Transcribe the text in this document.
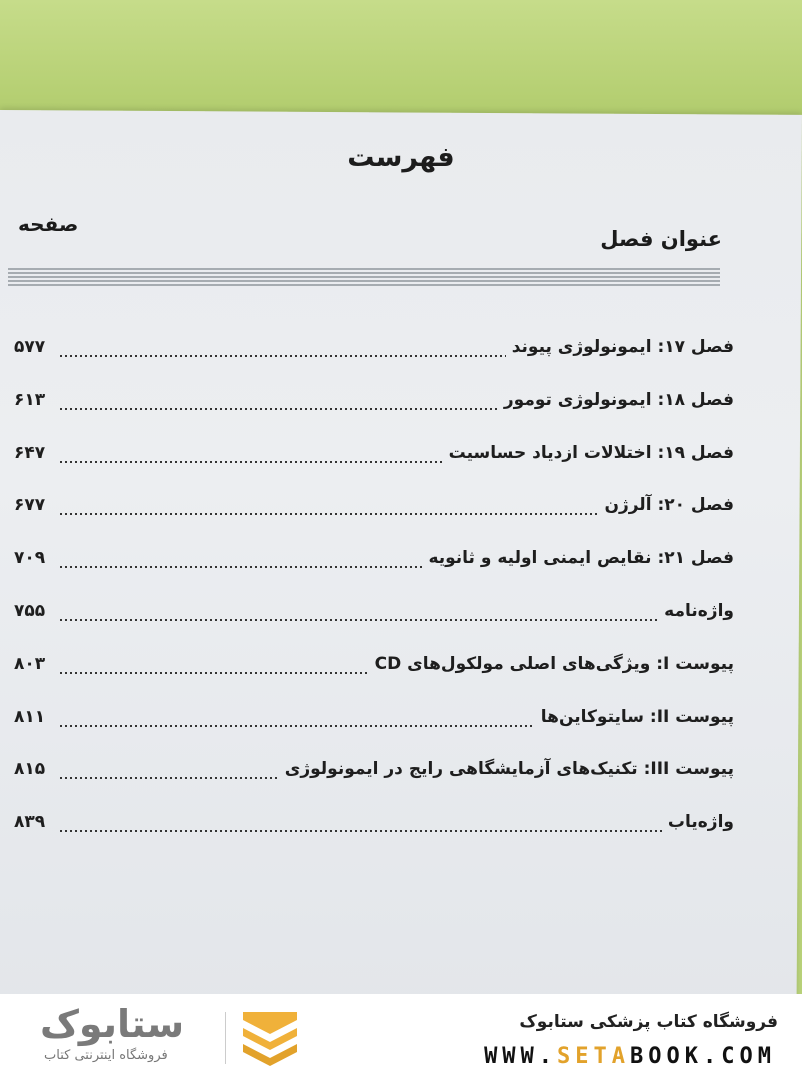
فهرست
عنوان فصل
صفحه
۵۷۷	فصل ۱۷: ایمونولوژی پیوند
۶۱۳	فصل ۱۸: ایمونولوژی تومور
۶۴۷	فصل ۱۹: اختلالات ازدیاد حساسیت
۶۷۷	فصل ۲۰: آلرژن
۷۰۹	فصل ۲۱: نقایص ایمنی اولیه و ثانویه
۷۵۵	واژه‌نامه
۸۰۳	پیوست I: ویژگی‌های اصلی مولکول‌های CD
۸۱۱	پیوست II: سایتوکاین‌ها
۸۱۵	پیوست III: تکنیک‌های آزمایشگاهی رایج در ایمونولوژی
۸۳۹	واژه‌یاب
فروشگاه کتاب پزشکی ستابوک
WWW.SETABOOK.COM
ستابوک
فروشگاه اینترنتی کتاب
